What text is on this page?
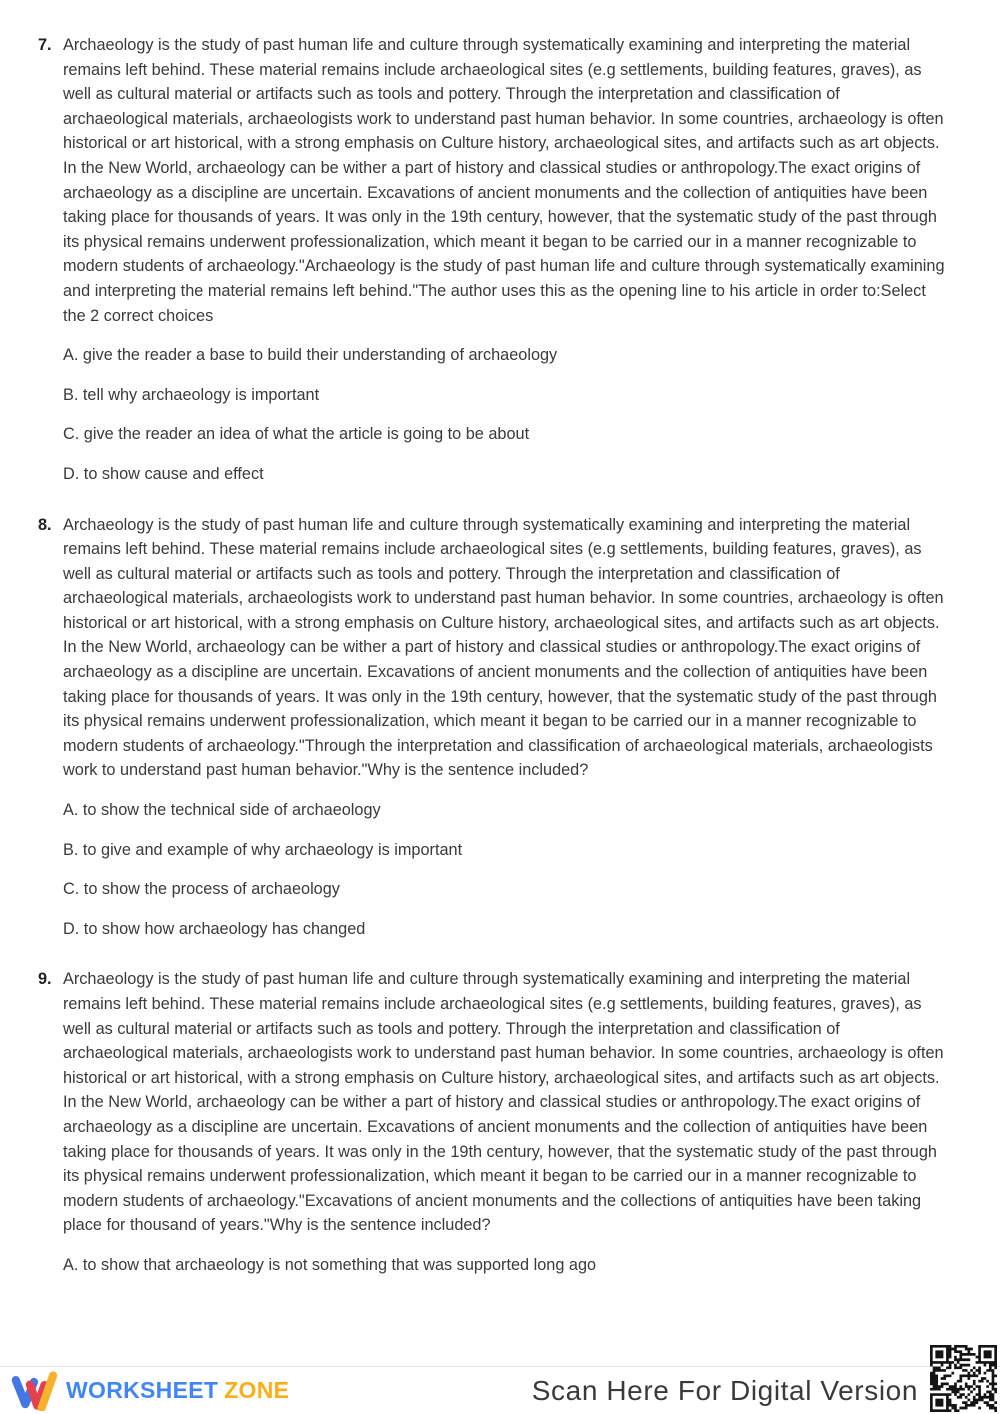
7. Archaeology is the study of past human life and culture through systematically examining and interpreting the material remains left behind. These material remains include archaeological sites (e.g settlements, building features, graves), as well as cultural material or artifacts such as tools and pottery. Through the interpretation and classification of archaeological materials, archaeologists work to understand past human behavior. In some countries, archaeology is often historical or art historical, with a strong emphasis on Culture history, archaeological sites, and artifacts such as art objects. In the New World, archaeology can be wither a part of history and classical studies or anthropology.The exact origins of archaeology as a discipline are uncertain. Excavations of ancient monuments and the collection of antiquities have been taking place for thousands of years. It was only in the 19th century, however, that the systematic study of the past through its physical remains underwent professionalization, which meant it began to be carried our in a manner recognizable to modern students of archaeology."Archaeology is the study of past human life and culture through systematically examining and interpreting the material remains left behind."The author uses this as the opening line to his article in order to:Select the 2 correct choices

A. give the reader a base to build their understanding of archaeology

B. tell why archaeology is important

C. give the reader an idea of what the article is going to be about

D. to show cause and effect

8. Archaeology is the study of past human life and culture through systematically examining and interpreting the material remains left behind. These material remains include archaeological sites (e.g settlements, building features, graves), as well as cultural material or artifacts such as tools and pottery. Through the interpretation and classification of archaeological materials, archaeologists work to understand past human behavior. In some countries, archaeology is often historical or art historical, with a strong emphasis on Culture history, archaeological sites, and artifacts such as art objects. In the New World, archaeology can be wither a part of history and classical studies or anthropology.The exact origins of archaeology as a discipline are uncertain. Excavations of ancient monuments and the collection of antiquities have been taking place for thousands of years. It was only in the 19th century, however, that the systematic study of the past through its physical remains underwent professionalization, which meant it began to be carried our in a manner recognizable to modern students of archaeology."Through the interpretation and classification of archaeological materials, archaeologists work to understand past human behavior."Why is the sentence included?

A. to show the technical side of archaeology

B. to give and example of why archaeology is important

C. to show the process of archaeology

D. to show how archaeology has changed

9. Archaeology is the study of past human life and culture through systematically examining and interpreting the material remains left behind. These material remains include archaeological sites (e.g settlements, building features, graves), as well as cultural material or artifacts such as tools and pottery. Through the interpretation and classification of archaeological materials, archaeologists work to understand past human behavior. In some countries, archaeology is often historical or art historical, with a strong emphasis on Culture history, archaeological sites, and artifacts such as art objects. In the New World, archaeology can be wither a part of history and classical studies or anthropology.The exact origins of archaeology as a discipline are uncertain. Excavations of ancient monuments and the collection of antiquities have been taking place for thousands of years. It was only in the 19th century, however, that the systematic study of the past through its physical remains underwent professionalization, which meant it began to be carried our in a manner recognizable to modern students of archaeology."Excavations of ancient monuments and the collections of antiquities have been taking place for thousand of years."Why is the sentence included?

A. to show that archaeology is not something that was supported long ago

WORKSHEET ZONE	Scan Here For Digital Version
